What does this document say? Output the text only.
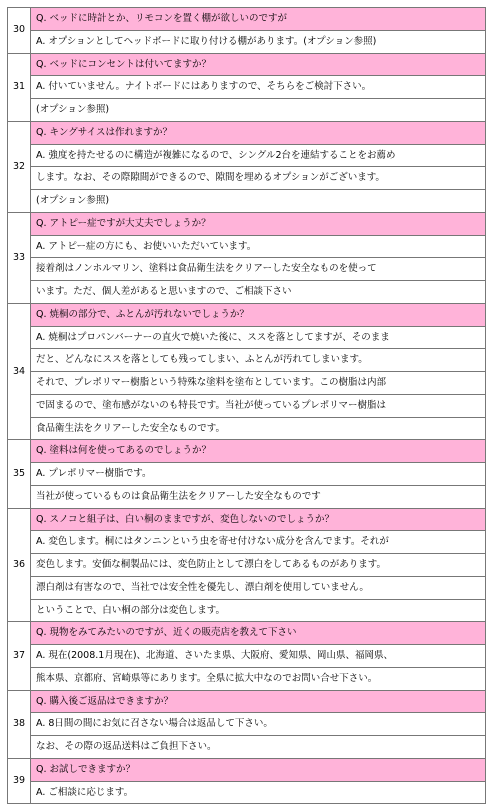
30	Q. ベッドに時計とか、リモコンを置く棚が欲しいのですが
	A. オプションとしてヘッドボードに取り付ける棚があります。(オプション参照)
31	Q. ベッドにコンセントは付いてますか？
	A. 付いていません。ナイトボードにはありますので、そちらをご検討下さい。
	(オプション参照)
32	Q. キングサイスは作れますか？
	A. 強度を持たせるのに構造が複雑になるので、シングル2台を連結することをお薦め
	します。なお、その際隙間ができるので、隙間を埋めるオプションがございます。
	(オプション参照)
33	Q. アトピー症ですが大丈夫でしょうか？
	A. アトピー症の方にも、お使いいただいています。
	接着剤はノンホルマリン、塗料は食品衛生法をクリアーした安全なものを使って
	います。ただ、個人差があると思いますので、ご相談下さい
34	Q. 焼桐の部分で、ふとんが汚れないでしょうか？
	A. 焼桐はプロパンバーナーの直火で焼いた後に、ススを落としてますが、そのまま
	だと、どんなにススを落としても残ってしまい、ふとんが汚れてしまいます。
	それで、プレポリマー樹脂という特殊な塗料を塗布としています。この樹脂は内部
	で固まるので、塗布感がないのも特長です。当社が使っているプレポリマー樹脂は
	食品衛生法をクリアーした安全なものです。
35	Q. 塗料は何を使ってあるのでしょうか？
	A. プレポリマー樹脂です。
	当社が使っているものは食品衛生法をクリアーした安全なものです
36	Q. スノコと組子は、白い桐のままですが、変色しないのでしょうか？
	A. 変色します。桐にはタンニンという虫を寄せ付けない成分を含んでます。それが
	変色します。安価な桐製品には、変色防止として漂白をしてあるものがあります。
	漂白剤は有害なので、当社では安全性を優先し、漂白剤を使用していません。
	ということで、白い桐の部分は変色します。
37	Q. 現物をみてみたいのですが、近くの販売店を教えて下さい
	A. 現在(2008.1月現在)、北海道、さいたま県、大阪府、愛知県、岡山県、福岡県、
	熊本県、京都府、宮崎県等にあります。全県に拡大中なのでお問い合せ下さい。
38	Q. 購入後ご返品はできますか？
	A. 8日間の間にお気に召さない場合は返品して下さい。
	なお、その際の返品送料はご負担下さい。
39	Q. お試しできますか？
	A. ご相談に応じます。
